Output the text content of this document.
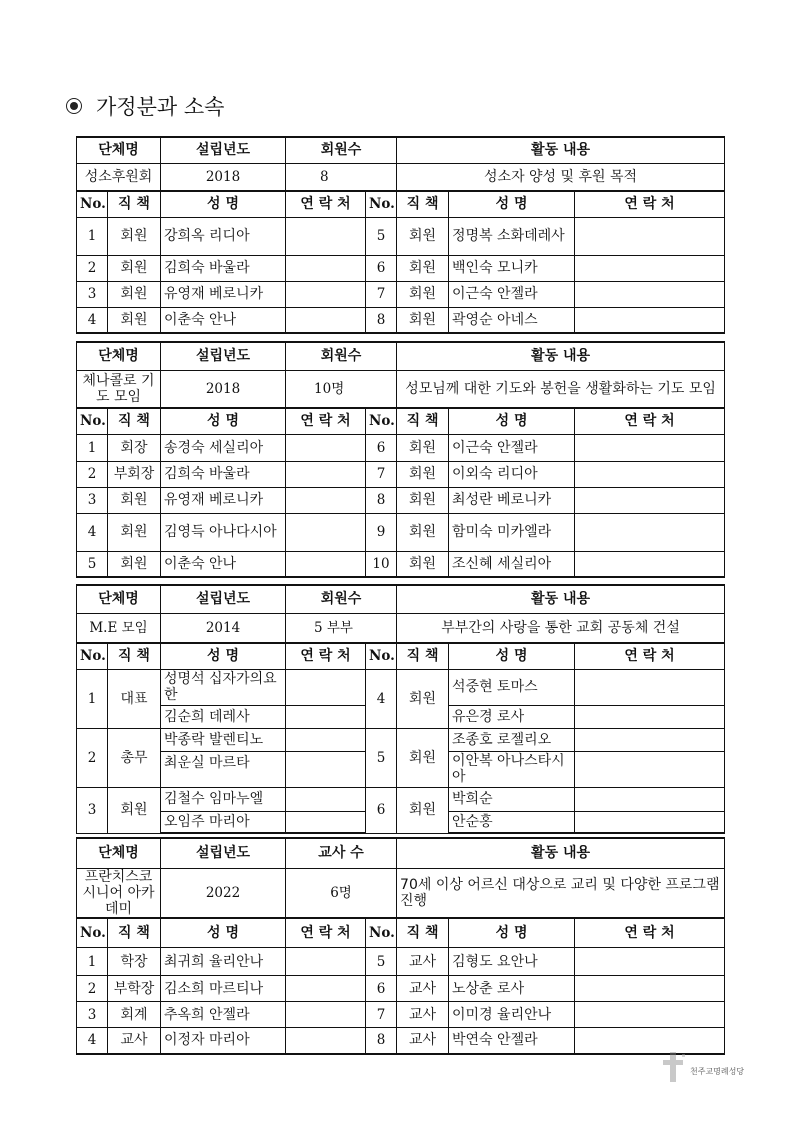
가정분과 소속
단체명		설립년도	회원수		활동 내용		
성소후원회		2018	8		성소자 양성 및 후원 목적		
No.	직 책	성 명	연 락 처	No.	직 책	성 명	연 락 처
1	회원	강희옥 리디아		5	회원	정명복 소화데레사	
2	회원	김희숙 바울라		6	회원	백인숙 모니카	
3	회원	유영재 베로니카		7	회원	이근숙 안젤라	
4	회원	이춘숙 안나		8	회원	곽영순 아네스	
단체명		설립년도	회원수		활동 내용		
체나콜로 기도 모임		2018	10명		성모님께 대한 기도와 봉헌을 생활화하는 기도 모임		
No.	직 책	성 명	연 락 처	No.	직 책	성 명	연 락 처
1	회장	송경숙 세실리아		6	회원	이근숙 안젤라	
2	부회장	김희숙 바울라		7	회원	이외숙 리디아	
3	회원	유영재 베로니카		8	회원	최성란 베로니카	
4	회원	김영득 아나다시아		9	회원	함미숙 미카엘라	
5	회원	이춘숙 안나		10	회원	조신혜 세실리아	
단체명		설립년도	회원수		활동 내용		
M.E 모임		2014	5 부부		부부간의 사랑을 통한 교회 공동체 건설		
No.	직 책	성 명	연 락 처	No.	직 책	성 명	연 락 처
1	대표	성명석 십자가의요한		4	회원	석중현 토마스	
		김순희 데레사				유은경 로사	
2	총무	박종락 발렌티노		5	회원	조종호 로젤리오	
		최운실 마르타				이안복 아나스타시아	
3	회원	김철수 임마누엘		6	회원	박희순	
		오임주 마리아				안순홍	
단체명		설립년도	교사 수		활동 내용		
프란치스코 시니어 아카데미		2022	6명		70세 이상 어르신 대상으로 교리 및 다양한 프로그램 진행		
No.	직 책	성 명	연 락 처	No.	직 책	성 명	연 락 처
1	학장	최귀희 율리안나		5	교사	김형도 요안나	
2	부학장	김소희 마르티나		6	교사	노상춘 로사	
3	회계	추옥희 안젤라		7	교사	이미경 율리안나	
4	교사	이정자 마리아		8	교사	박연숙 안젤라	
천주교명례성당
